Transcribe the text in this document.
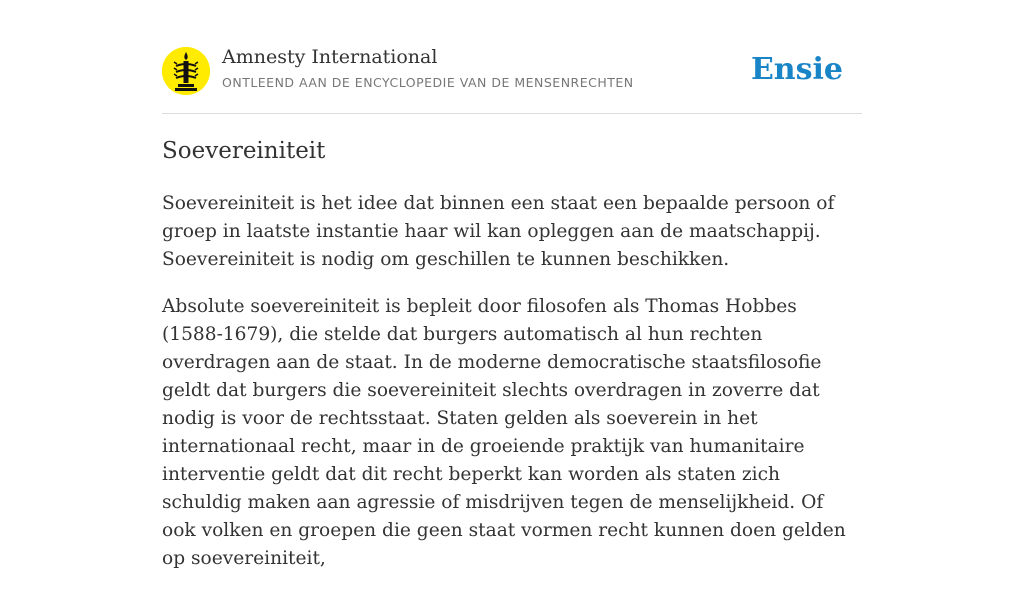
Amnesty International
ONTLEEND AAN DE ENCYCLOPEDIE VAN DE MENSENRECHTEN	Ensie
Soevereiniteit

Soevereiniteit is het idee dat binnen een staat een bepaalde persoon of groep in laatste instantie haar wil kan opleggen aan de maatschappij. Soevereiniteit is nodig om geschillen te kunnen beschikken.

Absolute soevereiniteit is bepleit door filosofen als Thomas Hobbes (1588-1679), die stelde dat burgers automatisch al hun rechten overdragen aan de staat. In de moderne democratische staatsfilosofie geldt dat burgers die soevereiniteit slechts overdragen in zoverre dat nodig is voor de rechtsstaat. Staten gelden als soeverein in het internationaal recht, maar in de groeiende praktijk van humanitaire interventie geldt dat dit recht beperkt kan worden als staten zich schuldig maken aan agressie of misdrijven tegen de menselijkheid. Of ook volken en groepen die geen staat vormen recht kunnen doen gelden op soevereiniteit,
